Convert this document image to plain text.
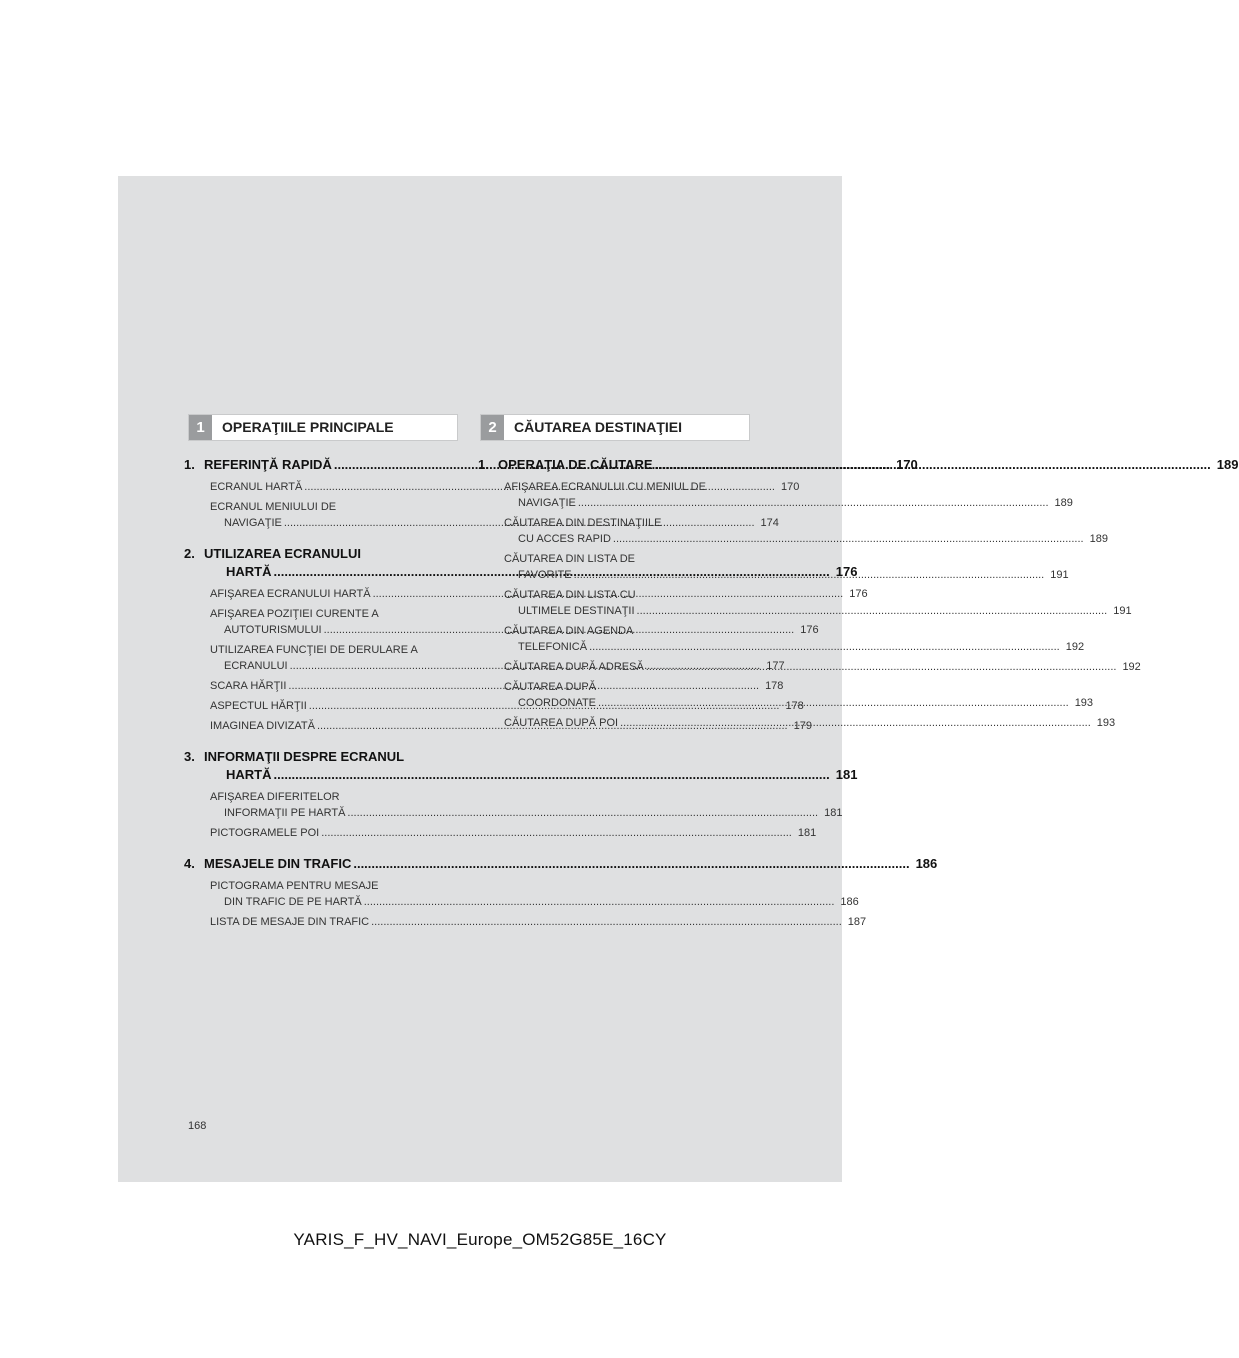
1	OPERAŢIILE PRINCIPALE	2	CĂUTAREA DESTINAŢIEI
1. REFERINŢĂ RAPIDĂ .....	170
ECRANUL HARTĂ .....	170
ECRANUL MENIULUI DE
NAVIGAŢIE .....	174
2. UTILIZAREA ECRANULUI
HARTĂ .....	176
AFIŞAREA ECRANULUI HARTĂ .....	176
AFIŞAREA POZIŢIEI CURENTE A
AUTOTURISMULUI .....	176
UTILIZAREA FUNCŢIEI DE DERULARE A
ECRANULUI .....	177
SCARA HĂRŢII .....	178
ASPECTUL HĂRŢII .....	178
IMAGINEA DIVIZATĂ .....	179
3. INFORMAŢII DESPRE ECRANUL
HARTĂ .....	181
AFIŞAREA DIFERITELOR
INFORMAŢII PE HARTĂ .....	181
PICTOGRAMELE POI .....	181
4. MESAJELE DIN TRAFIC .....	186
PICTOGRAMA PENTRU MESAJE
DIN TRAFIC DE PE HARTĂ .....	186
LISTA DE MESAJE DIN TRAFIC .....	187
1. OPERAŢIA DE CĂUTARE .....	189
AFIŞAREA ECRANULUI CU MENIUL DE
NAVIGAŢIE .....	189
CĂUTAREA DIN DESTINAŢIILE
CU ACCES RAPID .....	189
CĂUTAREA DIN LISTA DE
FAVORITE .....	191
CĂUTAREA DIN LISTA CU
ULTIMELE DESTINAŢII .....	191
CĂUTAREA DIN AGENDA
TELEFONICĂ .....	192
CĂUTAREA DUPĂ ADRESĂ .....	192
CĂUTAREA DUPĂ
COORDONATE .....	193
CĂUTAREA DUPĂ POI .....	193
168
YARIS_F_HV_NAVI_Europe_OM52G85E_16CY
